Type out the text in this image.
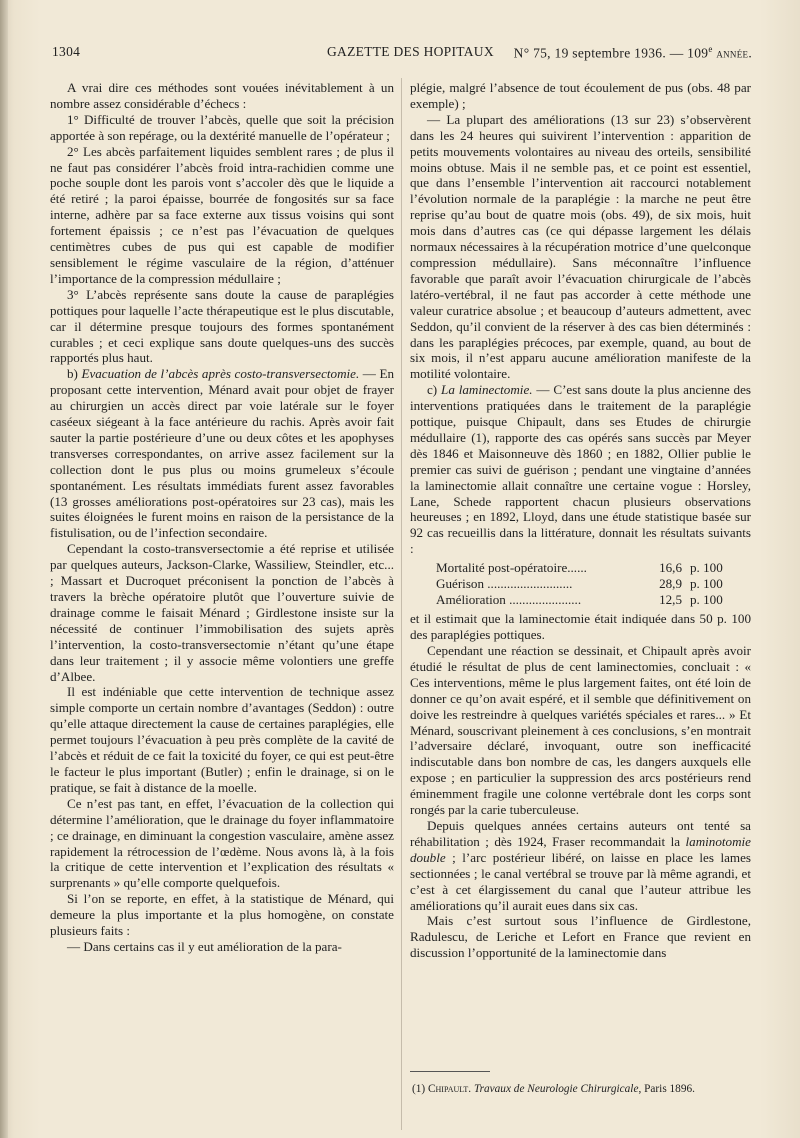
1304	GAZETTE DES HOPITAUX N° 75, 19 septembre 1936. — 109e année.

A vrai dire ces méthodes sont vouées inévitablement à un nombre assez considérable d’échecs :

1° Difficulté de trouver l’abcès, quelle que soit la précision apportée à son repérage, ou la dextérité manuelle de l’opérateur ;

2° Les abcès parfaitement liquides semblent rares ; de plus il ne faut pas considérer l’abcès froid intra-rachidien comme une poche souple dont les parois vont s’accoler dès que le liquide a été retiré ; la paroi épaisse, bourrée de fongosités sur sa face interne, adhère par sa face externe aux tissus voisins qui sont fortement épaissis ; ce n’est pas l’évacuation de quelques centimètres cubes de pus qui est capable de modifier sensiblement le régime vasculaire de la région, d’atténuer l’importance de la compression médullaire ;

3° L’abcès représente sans doute la cause de paraplégies pottiques pour laquelle l’acte thérapeutique est le plus discutable, car il détermine presque toujours des formes spontanément curables ; et ceci explique sans doute quelques-uns des succès rapportés plus haut.

b) Evacuation de l’abcès après costo-transversectomie. — En proposant cette intervention, Ménard avait pour objet de frayer au chirurgien un accès direct par voie latérale sur le foyer caséeux siégeant à la face antérieure du rachis. Après avoir fait sauter la partie postérieure d’une ou deux côtes et les apophyses transverses correspondantes, on arrive assez facilement sur la collection dont le pus plus ou moins grumeleux s’écoule spontanément. Les résultats immédiats furent assez favorables (13 grosses améliorations post-opératoires sur 23 cas), mais les suites éloignées le furent moins en raison de la persistance de la fistulisation, ou de l’infection secondaire.

Cependant la costo-transversectomie a été reprise et utilisée par quelques auteurs, Jackson-Clarke, Wassiliew, Steindler, etc... ; Massart et Ducroquet préconisent la ponction de l’abcès à travers la brèche opératoire plutôt que l’ouverture suivie de drainage comme le faisait Ménard ; Girdlestone insiste sur la nécessité de continuer l’immobilisation des sujets après l’intervention, la costo-transversectomie n’étant qu’une étape dans leur traitement ; il y associe même volontiers une greffe d’Albee.

Il est indéniable que cette intervention de technique assez simple comporte un certain nombre d’avantages (Seddon) : outre qu’elle attaque directement la cause de certaines paraplégies, elle permet toujours l’évacuation à peu près complète de la cavité de l’abcès et réduit de ce fait la toxicité du foyer, ce qui est peut-être le facteur le plus important (Butler) ; enfin le drainage, si on le pratique, se fait à distance de la moelle.

Ce n’est pas tant, en effet, l’évacuation de la collection qui détermine l’amélioration, que le drainage du foyer inflammatoire ; ce drainage, en diminuant la congestion vasculaire, amène assez rapidement la rétrocession de l’œdème. Nous avons là, à la fois la critique de cette intervention et l’explication des résultats « surprenants » qu’elle comporte quelquefois.

Si l’on se reporte, en effet, à la statistique de Ménard, qui demeure la plus importante et la plus homogène, on constate plusieurs faits :

— Dans certains cas il y eut amélioration de la para-

plégie, malgré l’absence de tout écoulement de pus (obs. 48 par exemple) ;

— La plupart des améliorations (13 sur 23) s’observèrent dans les 24 heures qui suivirent l’intervention : apparition de petits mouvements volontaires au niveau des orteils, sensibilité moins obtuse. Mais il ne semble pas, et ce point est essentiel, que dans l’ensemble l’intervention ait raccourci notablement l’évolution normale de la paraplégie : la marche ne peut être reprise qu’au bout de quatre mois (obs. 49), de six mois, huit mois dans d’autres cas (ce qui dépasse largement les délais normaux nécessaires à la récupération motrice d’une quelconque compression médullaire). Sans méconnaître l’influence favorable que paraît avoir l’évacuation chirurgicale de l’abcès latéro-vertébral, il ne faut pas accorder à cette méthode une valeur curatrice absolue ; et beaucoup d’auteurs admettent, avec Seddon, qu’il convient de la réserver à des cas bien déterminés : dans les paraplégies précoces, par exemple, quand, au bout de six mois, il n’est apparu aucune amélioration manifeste de la motilité volontaire.

c) La laminectomie. — C’est sans doute la plus ancienne des interventions pratiquées dans le traitement de la paraplégie pottique, puisque Chipault, dans ses Etudes de chirurgie médullaire (1), rapporte des cas opérés sans succès par Meyer dès 1846 et Maisonneuve dès 1860 ; en 1882, Ollier publie le premier cas suivi de guérison ; pendant une vingtaine d’années la laminectomie allait connaître une certaine vogue : Horsley, Lane, Schede rapportent chacun plusieurs observations heureuses ; en 1892, Lloyd, dans une étude statistique basée sur 92 cas recueillis dans la littérature, donnait les résultats suivants :

Mortalité post-opératoire......	16,6	p. 100
Guérison ..........................	28,9	p. 100
Amélioration ......................	12,5	p. 100

et il estimait que la laminectomie était indiquée dans 50 p. 100 des paraplégies pottiques.

Cependant une réaction se dessinait, et Chipault après avoir étudié le résultat de plus de cent laminectomies, concluait : « Ces interventions, même le plus largement faites, ont été loin de donner ce qu’on avait espéré, et il semble que définitivement on doive les restreindre à quelques variétés spéciales et rares... » Et Ménard, souscrivant pleinement à ces conclusions, s’en montrait l’adversaire déclaré, invoquant, outre son inefficacité indiscutable dans bon nombre de cas, les dangers auxquels elle expose ; en particulier la suppression des arcs postérieurs rend éminemment fragile une colonne vertébrale dont les corps sont rongés par la carie tuberculeuse.

Depuis quelques années certains auteurs ont tenté sa réhabilitation ; dès 1924, Fraser recommandait la laminotomie double ; l’arc postérieur libéré, on laisse en place les lames sectionnées ; le canal vertébral se trouve par là même agrandi, et c’est à cet élargissement du canal que l’auteur attribue les améliorations qu’il aurait eues dans six cas.

Mais c’est surtout sous l’influence de Girdlestone, Radulescu, de Leriche et Lefort en France que revient en discussion l’opportunité de la laminectomie dans

(1) Chipault. Travaux de Neurologie Chirurgicale, Paris 1896.
